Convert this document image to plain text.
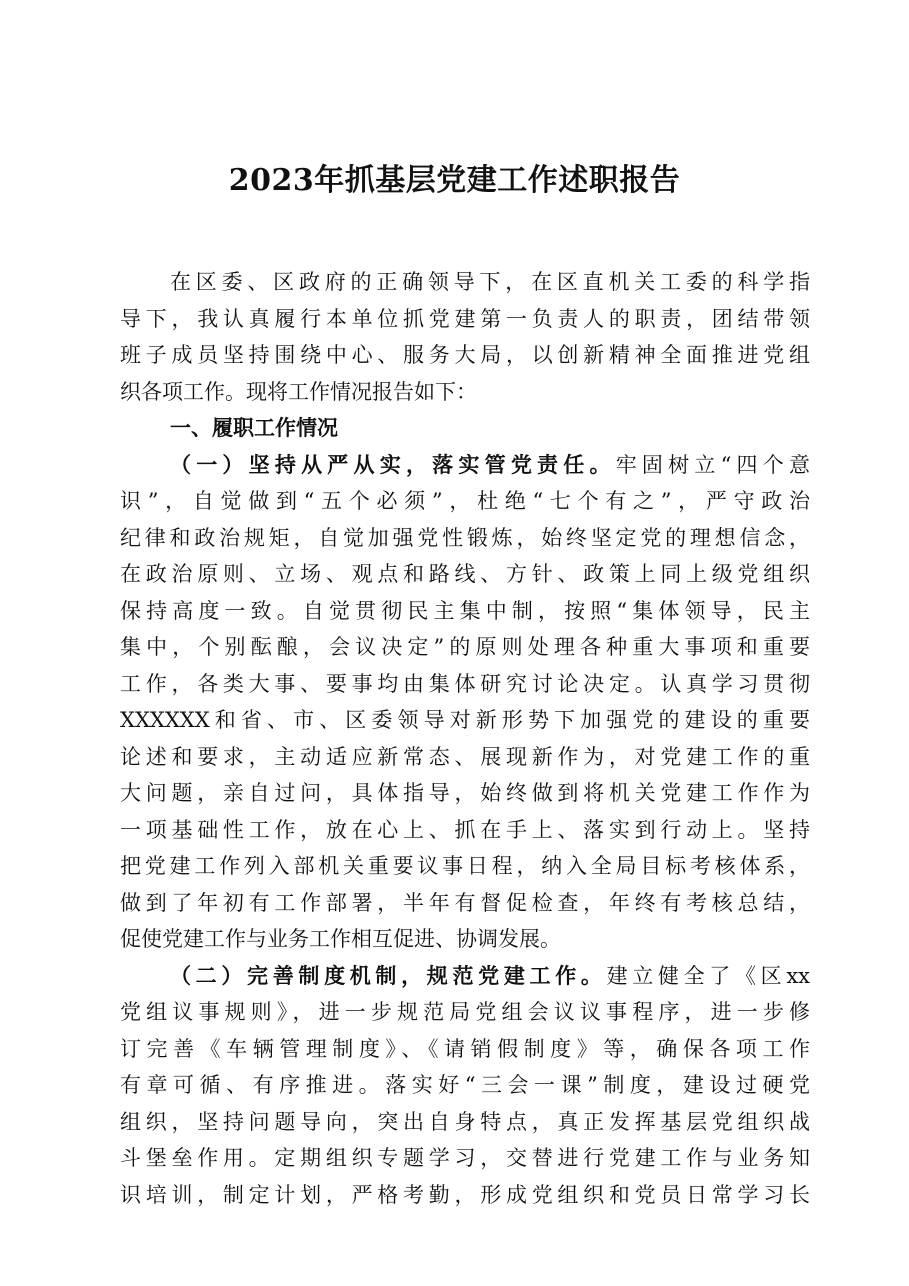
2023年抓基层党建工作述职报告
在区委、区政府的正确领导下，在区直机关工委的科学指
导下，我认真履行本单位抓党建第一负责人的职责，团结带领
班子成员坚持围绕中心、服务大局，以创新精神全面推进党组
织各项工作。现将工作情况报告如下：
一、履职工作情况
（一）坚持从严从实，落实管党责任。牢固树立“四个意
识”，自觉做到“五个必须”，杜绝“七个有之”，严守政治
纪律和政治规矩，自觉加强党性锻炼，始终坚定党的理想信念，
在政治原则、立场、观点和路线、方针、政策上同上级党组织
保持高度一致。自觉贯彻民主集中制，按照“集体领导，民主
集中，个别酝酿，会议决定”的原则处理各种重大事项和重要
工作，各类大事、要事均由集体研究讨论决定。认真学习贯彻
XXXXXX和省、市、区委领导对新形势下加强党的建设的重要
论述和要求，主动适应新常态、展现新作为，对党建工作的重
大问题，亲自过问，具体指导，始终做到将机关党建工作作为
一项基础性工作，放在心上、抓在手上、落实到行动上。坚持
把党建工作列入部机关重要议事日程，纳入全局目标考核体系，
做到了年初有工作部署，半年有督促检查，年终有考核总结，
促使党建工作与业务工作相互促进、协调发展。
（二）完善制度机制，规范党建工作。建立健全了《区xx
党组议事规则》，进一步规范局党组会议议事程序，进一步修
订完善《车辆管理制度》、《请销假制度》等，确保各项工作
有章可循、有序推进。落实好“三会一课”制度，建设过硬党
组织，坚持问题导向，突出自身特点，真正发挥基层党组织战
斗堡垒作用。定期组织专题学习，交替进行党建工作与业务知
识培训，制定计划，严格考勤，形成党组织和党员日常学习长
